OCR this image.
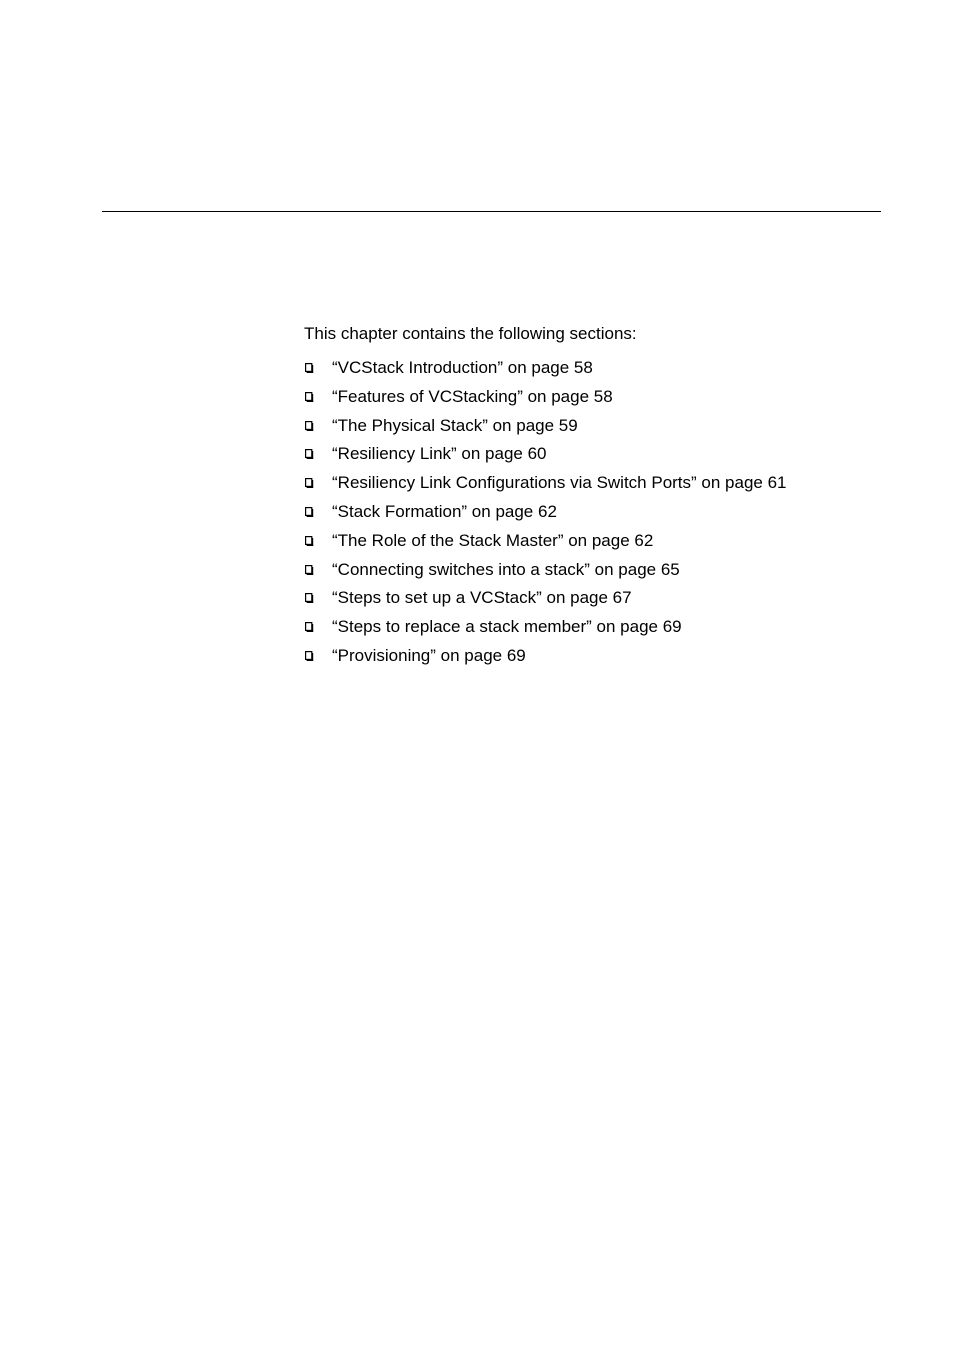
This chapter contains the following sections:
“VCStack Introduction” on page 58
“Features of VCStacking” on page 58
“The Physical Stack” on page 59
“Resiliency Link” on page 60
“Resiliency Link Configurations via Switch Ports” on page 61
“Stack Formation” on page 62
“The Role of the Stack Master” on page 62
“Connecting switches into a stack” on page 65
“Steps to set up a VCStack” on page 67
“Steps to replace a stack member” on page 69
“Provisioning” on page 69
